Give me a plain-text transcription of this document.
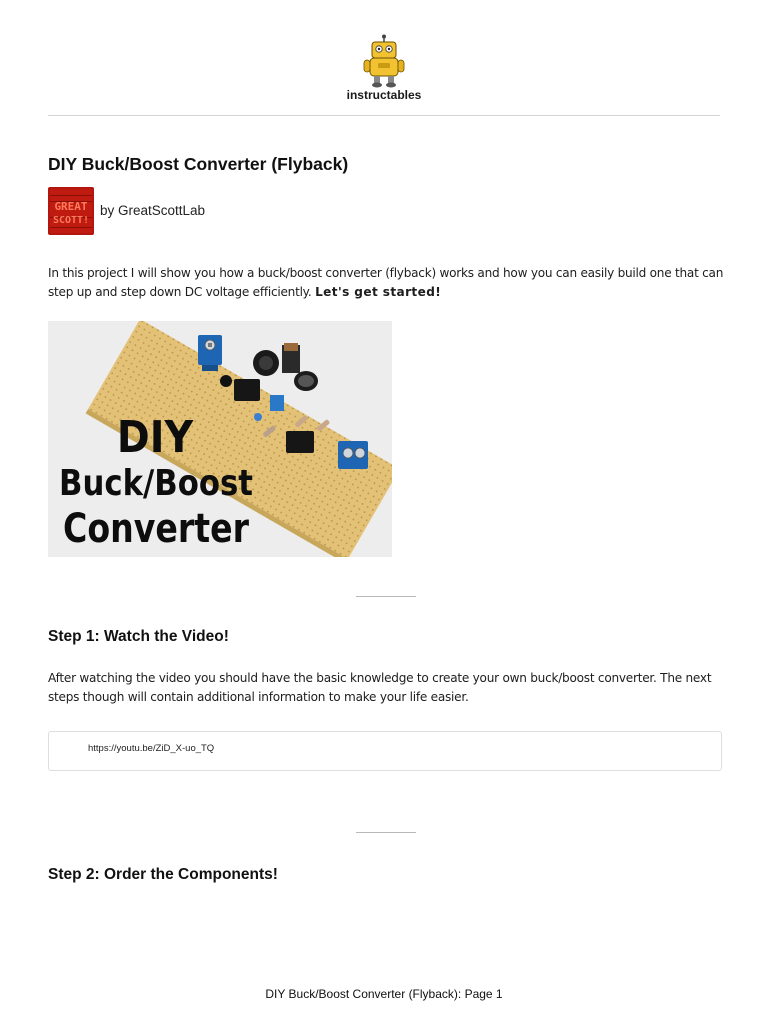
instructables
DIY Buck/Boost Converter (Flyback)
GREAT
SCOTT!
by GreatScottLab
In this project I will show you how a buck/boost converter (flyback) works and how you can easily build one that can step up and step down DC voltage efficiently. Let's get started!
DIY
Buck/Boost
Converter
Step 1: Watch the Video!
After watching the video you should have the basic knowledge to create your own buck/boost converter. The next steps though will contain additional information to make your life easier.
https://youtu.be/ZiD_X-uo_TQ
Step 2: Order the Components!
DIY Buck/Boost Converter (Flyback): Page 1
